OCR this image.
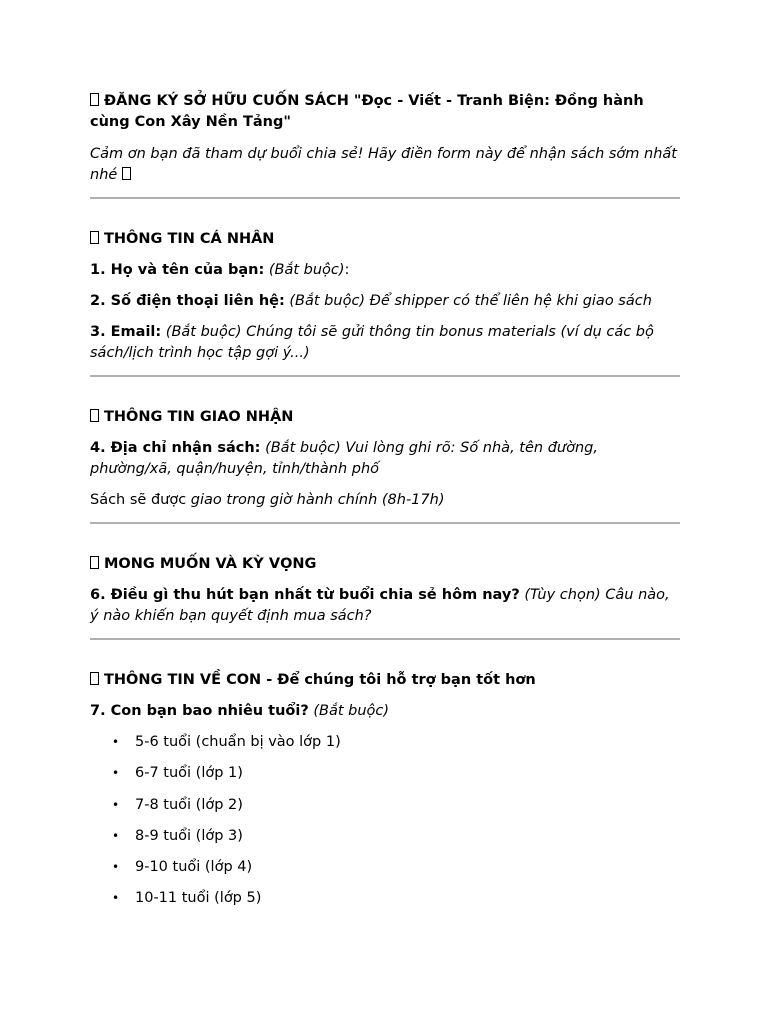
ĐĂNG KÝ SỞ HỮU CUỐN SÁCH "Đọc - Viết - Tranh Biện: Đồng hành cùng Con Xây Nền Tảng"
Cảm ơn bạn đã tham dự buổi chia sẻ! Hãy điền form này để nhận sách sớm nhất nhé
THÔNG TIN CÁ NHÂN
1. Họ và tên của bạn: (Bắt buộc):
2. Số điện thoại liên hệ: (Bắt buộc) Để shipper có thể liên hệ khi giao sách
3. Email: (Bắt buộc) Chúng tôi sẽ gửi thông tin bonus materials (ví dụ các bộ sách/lịch trình học tập gợi ý...)
THÔNG TIN GIAO NHẬN
4. Địa chỉ nhận sách: (Bắt buộc) Vui lòng ghi rõ: Số nhà, tên đường, phường/xã, quận/huyện, tỉnh/thành phố
Sách sẽ được giao trong giờ hành chính (8h-17h)
MONG MUỐN VÀ KỲ VỌNG
6. Điều gì thu hút bạn nhất từ buổi chia sẻ hôm nay? (Tùy chọn) Câu nào, ý nào khiến bạn quyết định mua sách?
THÔNG TIN VỀ CON - Để chúng tôi hỗ trợ bạn tốt hơn
7. Con bạn bao nhiêu tuổi? (Bắt buộc)
• 5-6 tuổi (chuẩn bị vào lớp 1)
• 6-7 tuổi (lớp 1)
• 7-8 tuổi (lớp 2)
• 8-9 tuổi (lớp 3)
• 9-10 tuổi (lớp 4)
• 10-11 tuổi (lớp 5)
